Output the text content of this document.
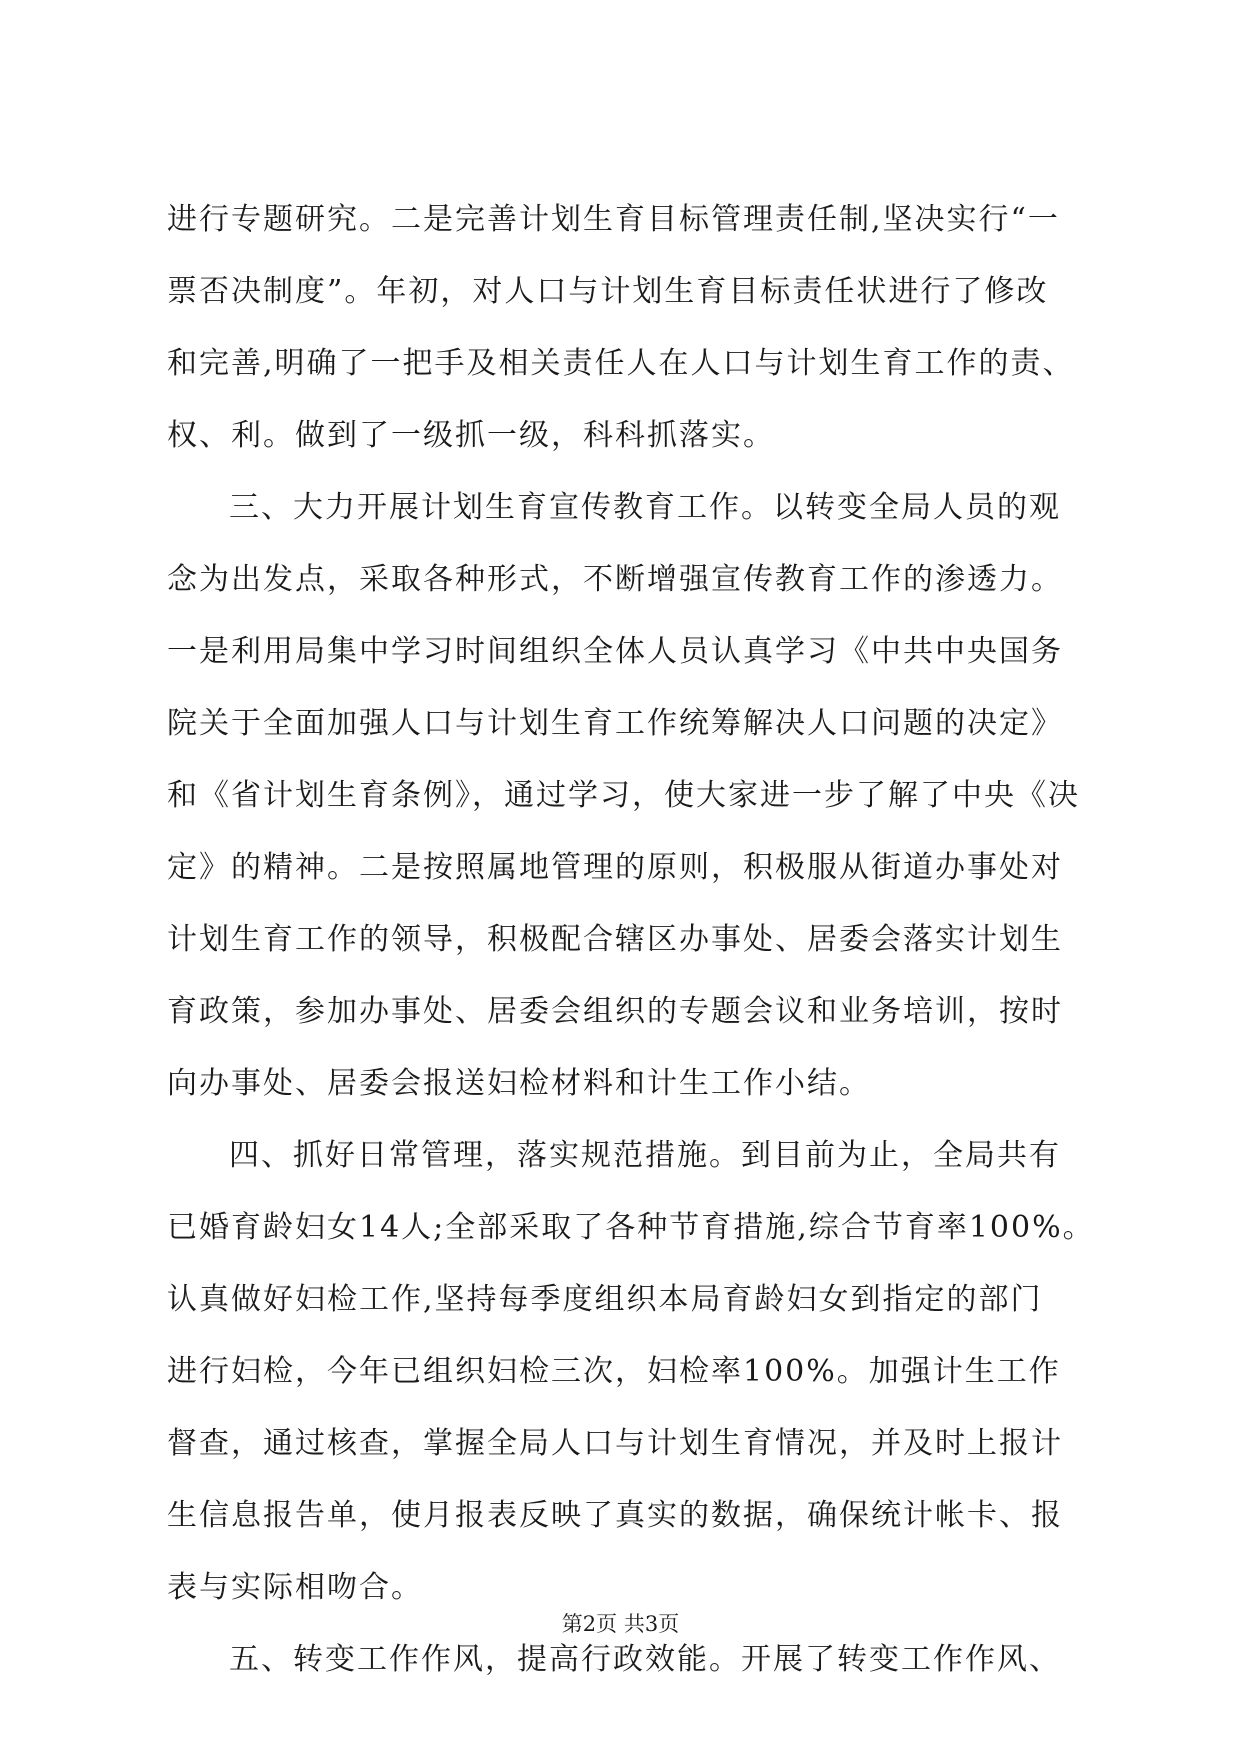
进行专题研究。二是完善计划生育目标管理责任制,坚决实行“一
票否决制度”。年初，对人口与计划生育目标责任状进行了修改
和完善,明确了一把手及相关责任人在人口与计划生育工作的责、
权、利。做到了一级抓一级，科科抓落实。
三、大力开展计划生育宣传教育工作。以转变全局人员的观
念为出发点，采取各种形式，不断增强宣传教育工作的渗透力。
一是利用局集中学习时间组织全体人员认真学习《中共中央国务
院关于全面加强人口与计划生育工作统筹解决人口问题的决定》
和《省计划生育条例》，通过学习，使大家进一步了解了中央《决
定》的精神。二是按照属地管理的原则，积极服从街道办事处对
计划生育工作的领导，积极配合辖区办事处、居委会落实计划生
育政策，参加办事处、居委会组织的专题会议和业务培训，按时
向办事处、居委会报送妇检材料和计生工作小结。
四、抓好日常管理，落实规范措施。到目前为止，全局共有
已婚育龄妇女14人;全部采取了各种节育措施,综合节育率100%。
认真做好妇检工作,坚持每季度组织本局育龄妇女到指定的部门
进行妇检，今年已组织妇检三次，妇检率100%。加强计生工作
督查，通过核查，掌握全局人口与计划生育情况，并及时上报计
生信息报告单，使月报表反映了真实的数据，确保统计帐卡、报
表与实际相吻合。
五、转变工作作风，提高行政效能。开展了转变工作作风、
第2页 共3页
